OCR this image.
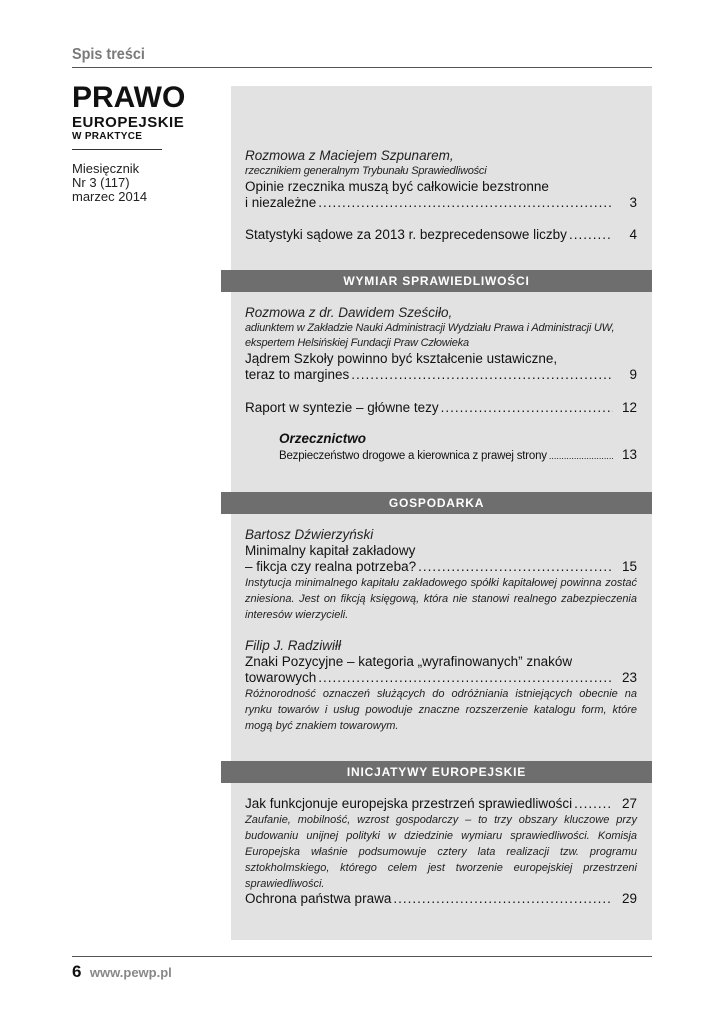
Spis treści
PRAWO
EUROPEJSKIE
W PRAKTYCE
Miesięcznik
Nr 3 (117)
marzec 2014
Rozmowa z Maciejem Szpunarem,
rzecznikiem generalnym Trybunału Sprawiedliwości
Opinie rzecznika muszą być całkowicie bezstronne
i niezależne .....	3
Statystyki sądowe za 2013 r. bezprecedensowe liczby .....	4
WYMIAR SPRAWIEDLIWOŚCI
Rozmowa z dr. Dawidem Sześciło,
adiunktem w Zakładzie Nauki Administracji Wydziału Prawa i Administracji UW,
ekspertem Helsińskiej Fundacji Praw Człowieka
Jądrem Szkoły powinno być kształcenie ustawiczne,
teraz to margines .....	9
Raport w syntezie – główne tezy .....	12
Orzecznictwo
Bezpieczeństwo drogowe a kierownica z prawej strony .....	13
GOSPODARKA
Bartosz Dźwierzyński
Minimalny kapitał zakładowy
– fikcja czy realna potrzeba? .....	15
Instytucja minimalnego kapitału zakładowego spółki kapitałowej powinna zostać zniesiona. Jest on fikcją księgową, która nie stanowi realnego zabezpieczenia interesów wierzycieli.
Filip J. Radziwiłł
Znaki Pozycyjne – kategoria „wyrafinowanych” znaków
towarowych .....	23
Różnorodność oznaczeń służących do odróżniania istniejących obecnie na rynku towarów i usług powoduje znaczne rozszerzenie katalogu form, które mogą być znakiem towarowym.
INICJATYWY EUROPEJSKIE
Jak funkcjonuje europejska przestrzeń sprawiedliwości .....	27
Zaufanie, mobilność, wzrost gospodarczy – to trzy obszary kluczowe przy budowaniu unijnej polityki w dziedzinie wymiaru sprawiedliwości. Komisja Europejska właśnie podsumowuje cztery lata realizacji tzw. programu sztokholmskiego, którego celem jest tworzenie europejskiej przestrzeni sprawiedliwości.
Ochrona państwa prawa .....	29
6 www.pewp.pl
